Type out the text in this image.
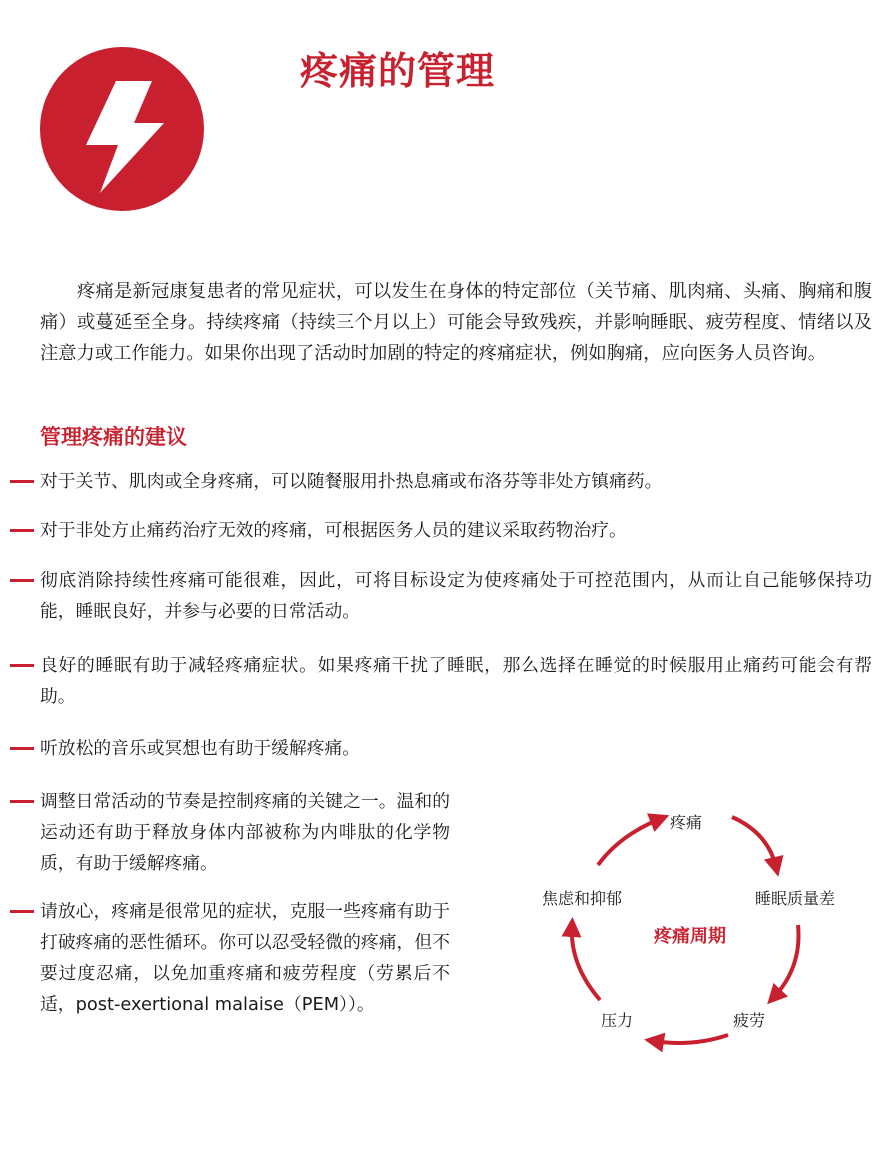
疼痛的管理

疼痛是新冠康复患者的常见症状，可以发生在身体的特定部位（关节痛、肌肉痛、头痛、胸痛和腹痛）或蔓延至全身。持续疼痛（持续三个月以上）可能会导致残疾，并影响睡眠、疲劳程度、情绪以及注意力或工作能力。如果你出现了活动时加剧的特定的疼痛症状，例如胸痛，应向医务人员咨询。

管理疼痛的建议
对于关节、肌肉或全身疼痛，可以随餐服用扑热息痛或布洛芬等非处方镇痛药。
对于非处方止痛药治疗无效的疼痛，可根据医务人员的建议采取药物治疗。
彻底消除持续性疼痛可能很难，因此，可将目标设定为使疼痛处于可控范围内，从而让自己能够保持功能，睡眠良好，并参与必要的日常活动。
良好的睡眠有助于减轻疼痛症状。如果疼痛干扰了睡眠，那么选择在睡觉的时候服用止痛药可能会有帮助。
听放松的音乐或冥想也有助于缓解疼痛。
调整日常活动的节奏是控制疼痛的关键之一。温和的运动还有助于释放身体内部被称为内啡肽的化学物质，有助于缓解疼痛。
请放心，疼痛是很常见的症状，克服一些疼痛有助于打破疼痛的恶性循环。你可以忍受轻微的疼痛，但不要过度忍痛，以免加重疼痛和疲劳程度（劳累后不适，post-exertional malaise（PEM））。
疼痛
睡眠质量差
疲劳
压力
焦虑和抑郁
疼痛周期
